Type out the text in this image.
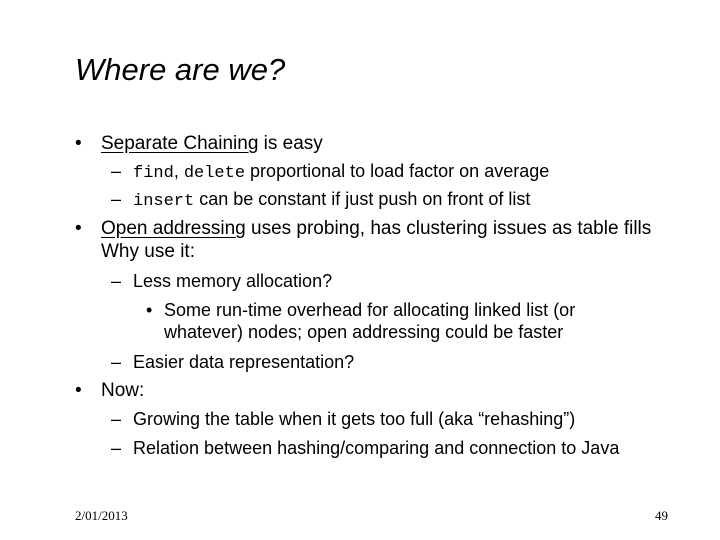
Where are we?
• Separate Chaining is easy
– find, delete proportional to load factor on average
– insert can be constant if just push on front of list
• Open addressing uses probing, has clustering issues as table fills
Why use it:
– Less memory allocation?
• Some run-time overhead for allocating linked list (or
whatever) nodes; open addressing could be faster
– Easier data representation?
• Now:
– Growing the table when it gets too full (aka “rehashing”)
– Relation between hashing/comparing and connection to Java
2/01/2013	49
